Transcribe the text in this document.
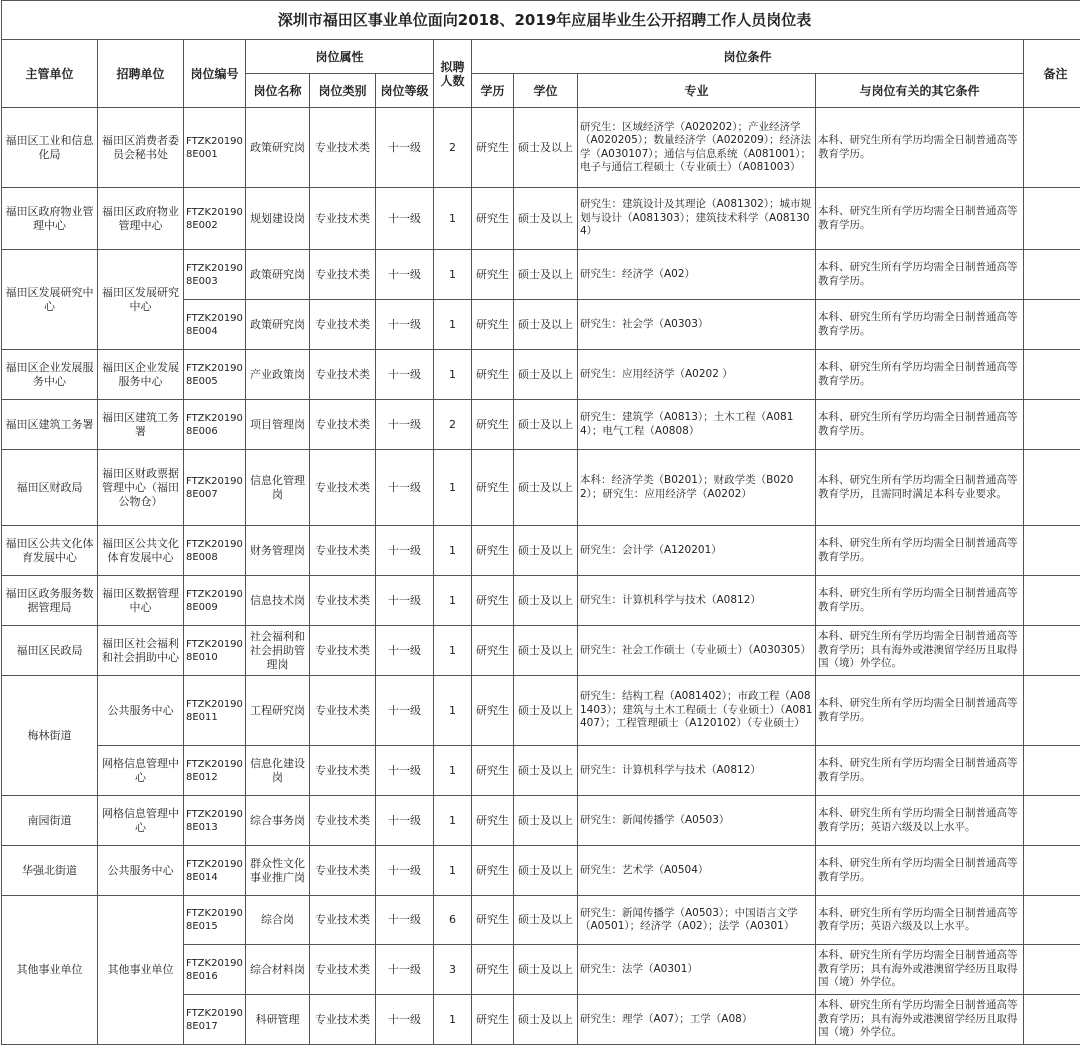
深圳市福田区事业单位面向2018、2019年应届毕业生公开招聘工作人员岗位表											
主管单位	招聘单位	岗位编号	岗位属性			拟聘人数	岗位条件				备注
			岗位名称	岗位类别	岗位等级		学历	学位	专业	与岗位有关的其它条件	
福田区工业和信息化局	福田区消费者委员会秘书处	FTZK201908E001	政策研究岗	专业技术类	十一级	2	研究生	硕士及以上	研究生：区域经济学（A020202）；产业经济学（A020205）；数量经济学（A020209）；经济法学（A030107）；通信与信息系统（A081001）；电子与通信工程硕士（专业硕士）（A081003）	本科、研究生所有学历均需全日制普通高等教育学历。	
福田区政府物业管理中心	福田区政府物业管理中心	FTZK201908E002	规划建设岗	专业技术类	十一级	1	研究生	硕士及以上	研究生：建筑设计及其理论（A081302）；城市规划与设计（A081303）；建筑技术科学（A081304）	本科、研究生所有学历均需全日制普通高等教育学历。	
福田区发展研究中心	福田区发展研究中心	FTZK201908E003	政策研究岗	专业技术类	十一级	1	研究生	硕士及以上	研究生：经济学（A02）	本科、研究生所有学历均需全日制普通高等教育学历。	
		FTZK201908E004	政策研究岗	专业技术类	十一级	1	研究生	硕士及以上	研究生：社会学（A0303）	本科、研究生所有学历均需全日制普通高等教育学历。	
福田区企业发展服务中心	福田区企业发展服务中心	FTZK201908E005	产业政策岗	专业技术类	十一级	1	研究生	硕士及以上	研究生：应用经济学（A0202 ）	本科、研究生所有学历均需全日制普通高等教育学历。	
福田区建筑工务署	福田区建筑工务署	FTZK201908E006	项目管理岗	专业技术类	十一级	2	研究生	硕士及以上	研究生：建筑学（A0813）；土木工程（A0814）；电气工程（A0808）	本科、研究生所有学历均需全日制普通高等教育学历。	
福田区财政局	福田区财政票据管理中心（福田公物仓）	FTZK201908E007	信息化管理岗	专业技术类	十一级	1	研究生	硕士及以上	本科：经济学类（B0201）；财政学类（B0202）；研究生：应用经济学（A0202）	本科、研究生所有学历均需全日制普通高等教育学历，且需同时满足本科专业要求。	
福田区公共文化体育发展中心	福田区公共文化体育发展中心	FTZK201908E008	财务管理岗	专业技术类	十一级	1	研究生	硕士及以上	研究生：会计学（A120201）	本科、研究生所有学历均需全日制普通高等教育学历。	
福田区政务服务数据管理局	福田区数据管理中心	FTZK201908E009	信息技术岗	专业技术类	十一级	1	研究生	硕士及以上	研究生：计算机科学与技术（A0812）	本科、研究生所有学历均需全日制普通高等教育学历。	
福田区民政局	福田区社会福利和社会捐助中心	FTZK201908E010	社会福利和社会捐助管理岗	专业技术类	十一级	1	研究生	硕士及以上	研究生：社会工作硕士（专业硕士）（A030305）	本科、研究生所有学历均需全日制普通高等教育学历；具有海外或港澳留学经历且取得国（境）外学位。	
梅林街道	公共服务中心	FTZK201908E011	工程研究岗	专业技术类	十一级	1	研究生	硕士及以上	研究生：结构工程（A081402）；市政工程（A081403）；建筑与土木工程硕士（专业硕士）（A081407）；工程管理硕士（A120102）（专业硕士）	本科、研究生所有学历均需全日制普通高等教育学历。	
	网格信息管理中心	FTZK201908E012	信息化建设岗	专业技术类	十一级	1	研究生	硕士及以上	研究生：计算机科学与技术（A0812）	本科、研究生所有学历均需全日制普通高等教育学历。	
南园街道	网格信息管理中心	FTZK201908E013	综合事务岗	专业技术类	十一级	1	研究生	硕士及以上	研究生：新闻传播学（A0503）	本科、研究生所有学历均需全日制普通高等教育学历；英语六级及以上水平。	
华强北街道	公共服务中心	FTZK201908E014	群众性文化事业推广岗	专业技术类	十一级	1	研究生	硕士及以上	研究生：艺术学（A0504）	本科、研究生所有学历均需全日制普通高等教育学历。	
其他事业单位	其他事业单位	FTZK201908E015	综合岗	专业技术类	十一级	6	研究生	硕士及以上	研究生：新闻传播学（A0503）；中国语言文学（A0501）；经济学（A02）；法学（A0301）	本科、研究生所有学历均需全日制普通高等教育学历；英语六级及以上水平。	
		FTZK201908E016	综合材料岗	专业技术类	十一级	3	研究生	硕士及以上	研究生：法学（A0301）	本科、研究生所有学历均需全日制普通高等教育学历；具有海外或港澳留学经历且取得国（境）外学位。	
		FTZK201908E017	科研管理	专业技术类	十一级	1	研究生	硕士及以上	研究生：理学（A07）；工学（A08）	本科、研究生所有学历均需全日制普通高等教育学历；具有海外或港澳留学经历且取得国（境）外学位。	
